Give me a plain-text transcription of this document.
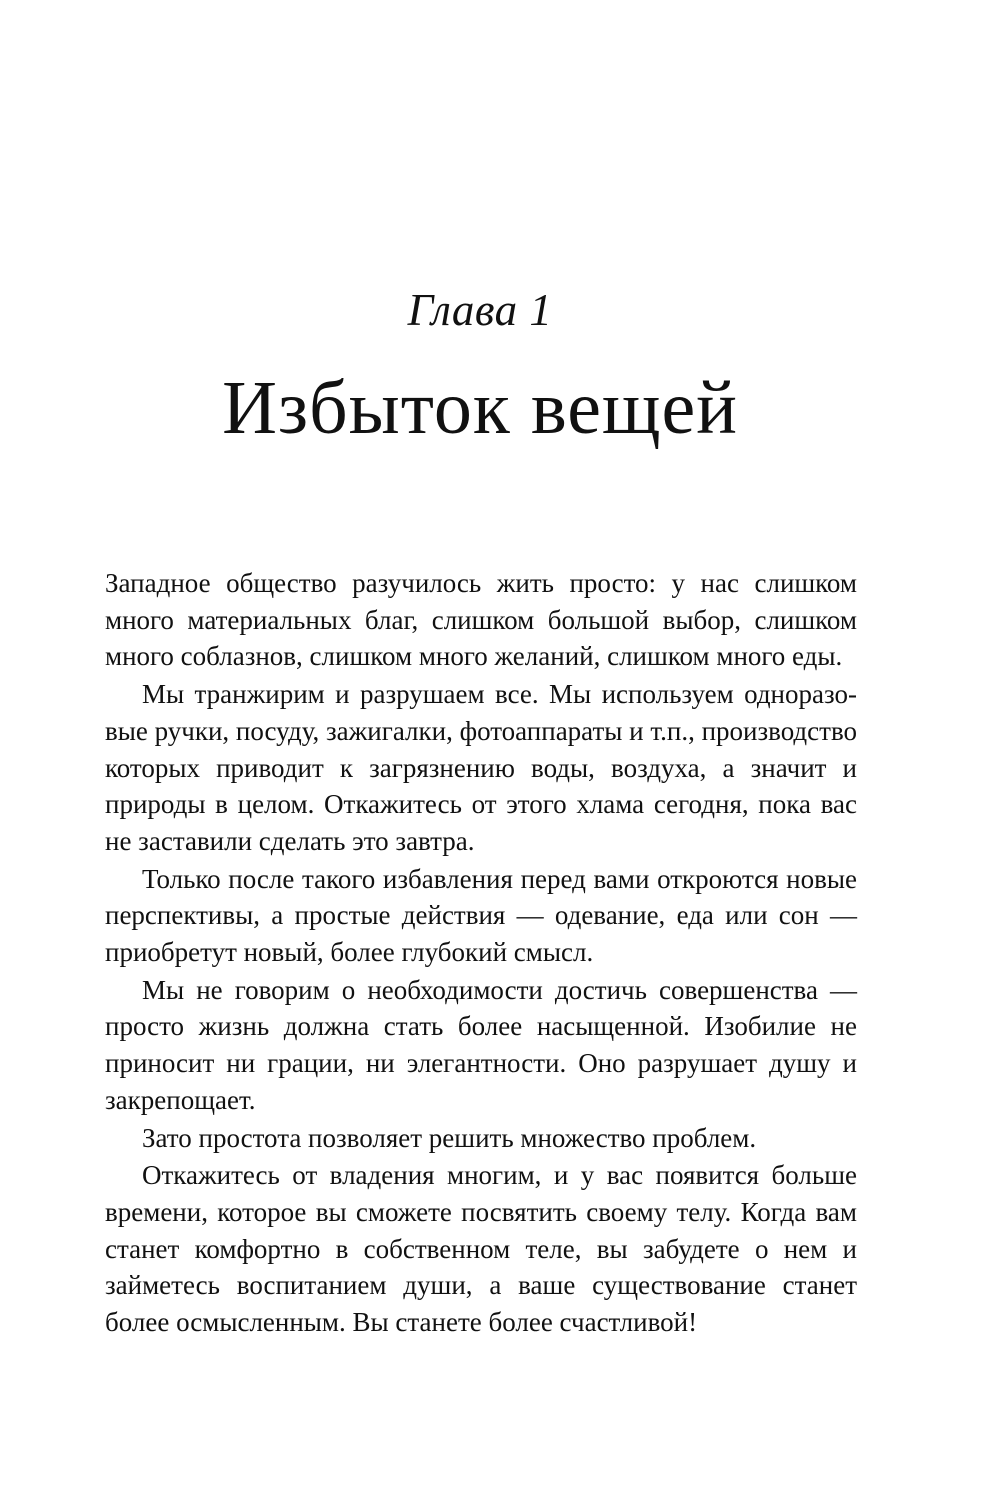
Глава 1
Избыток вещей

Западное общество разучилось жить просто: у нас слишком много материальных благ, слишком большой выбор, слишком много соблазнов, слишком много желаний, слишком много еды.

Мы транжирим и разрушаем все. Мы используем одноразовые ручки, посуду, зажигалки, фотоаппараты и т.п., производство которых приводит к загрязнению воды, воздуха, а значит и природы в целом. Откажитесь от этого хлама сегодня, пока вас не заставили сделать это завтра.

Только после такого избавления перед вами откроются новые перспективы, а простые действия — одевание, еда или сон — приобретут новый, более глубокий смысл.

Мы не говорим о необходимости достичь совершенства — просто жизнь должна стать более насыщенной. Изобилие не приносит ни грации, ни элегантности. Оно разрушает душу и закрепощает.

Зато простота позволяет решить множество проблем.

Откажитесь от владения многим, и у вас появится больше времени, которое вы сможете посвятить своему телу. Когда вам станет комфортно в собственном теле, вы забудете о нем и займетесь воспитанием души, а ваше существование станет более осмысленным. Вы станете более счастливой!
